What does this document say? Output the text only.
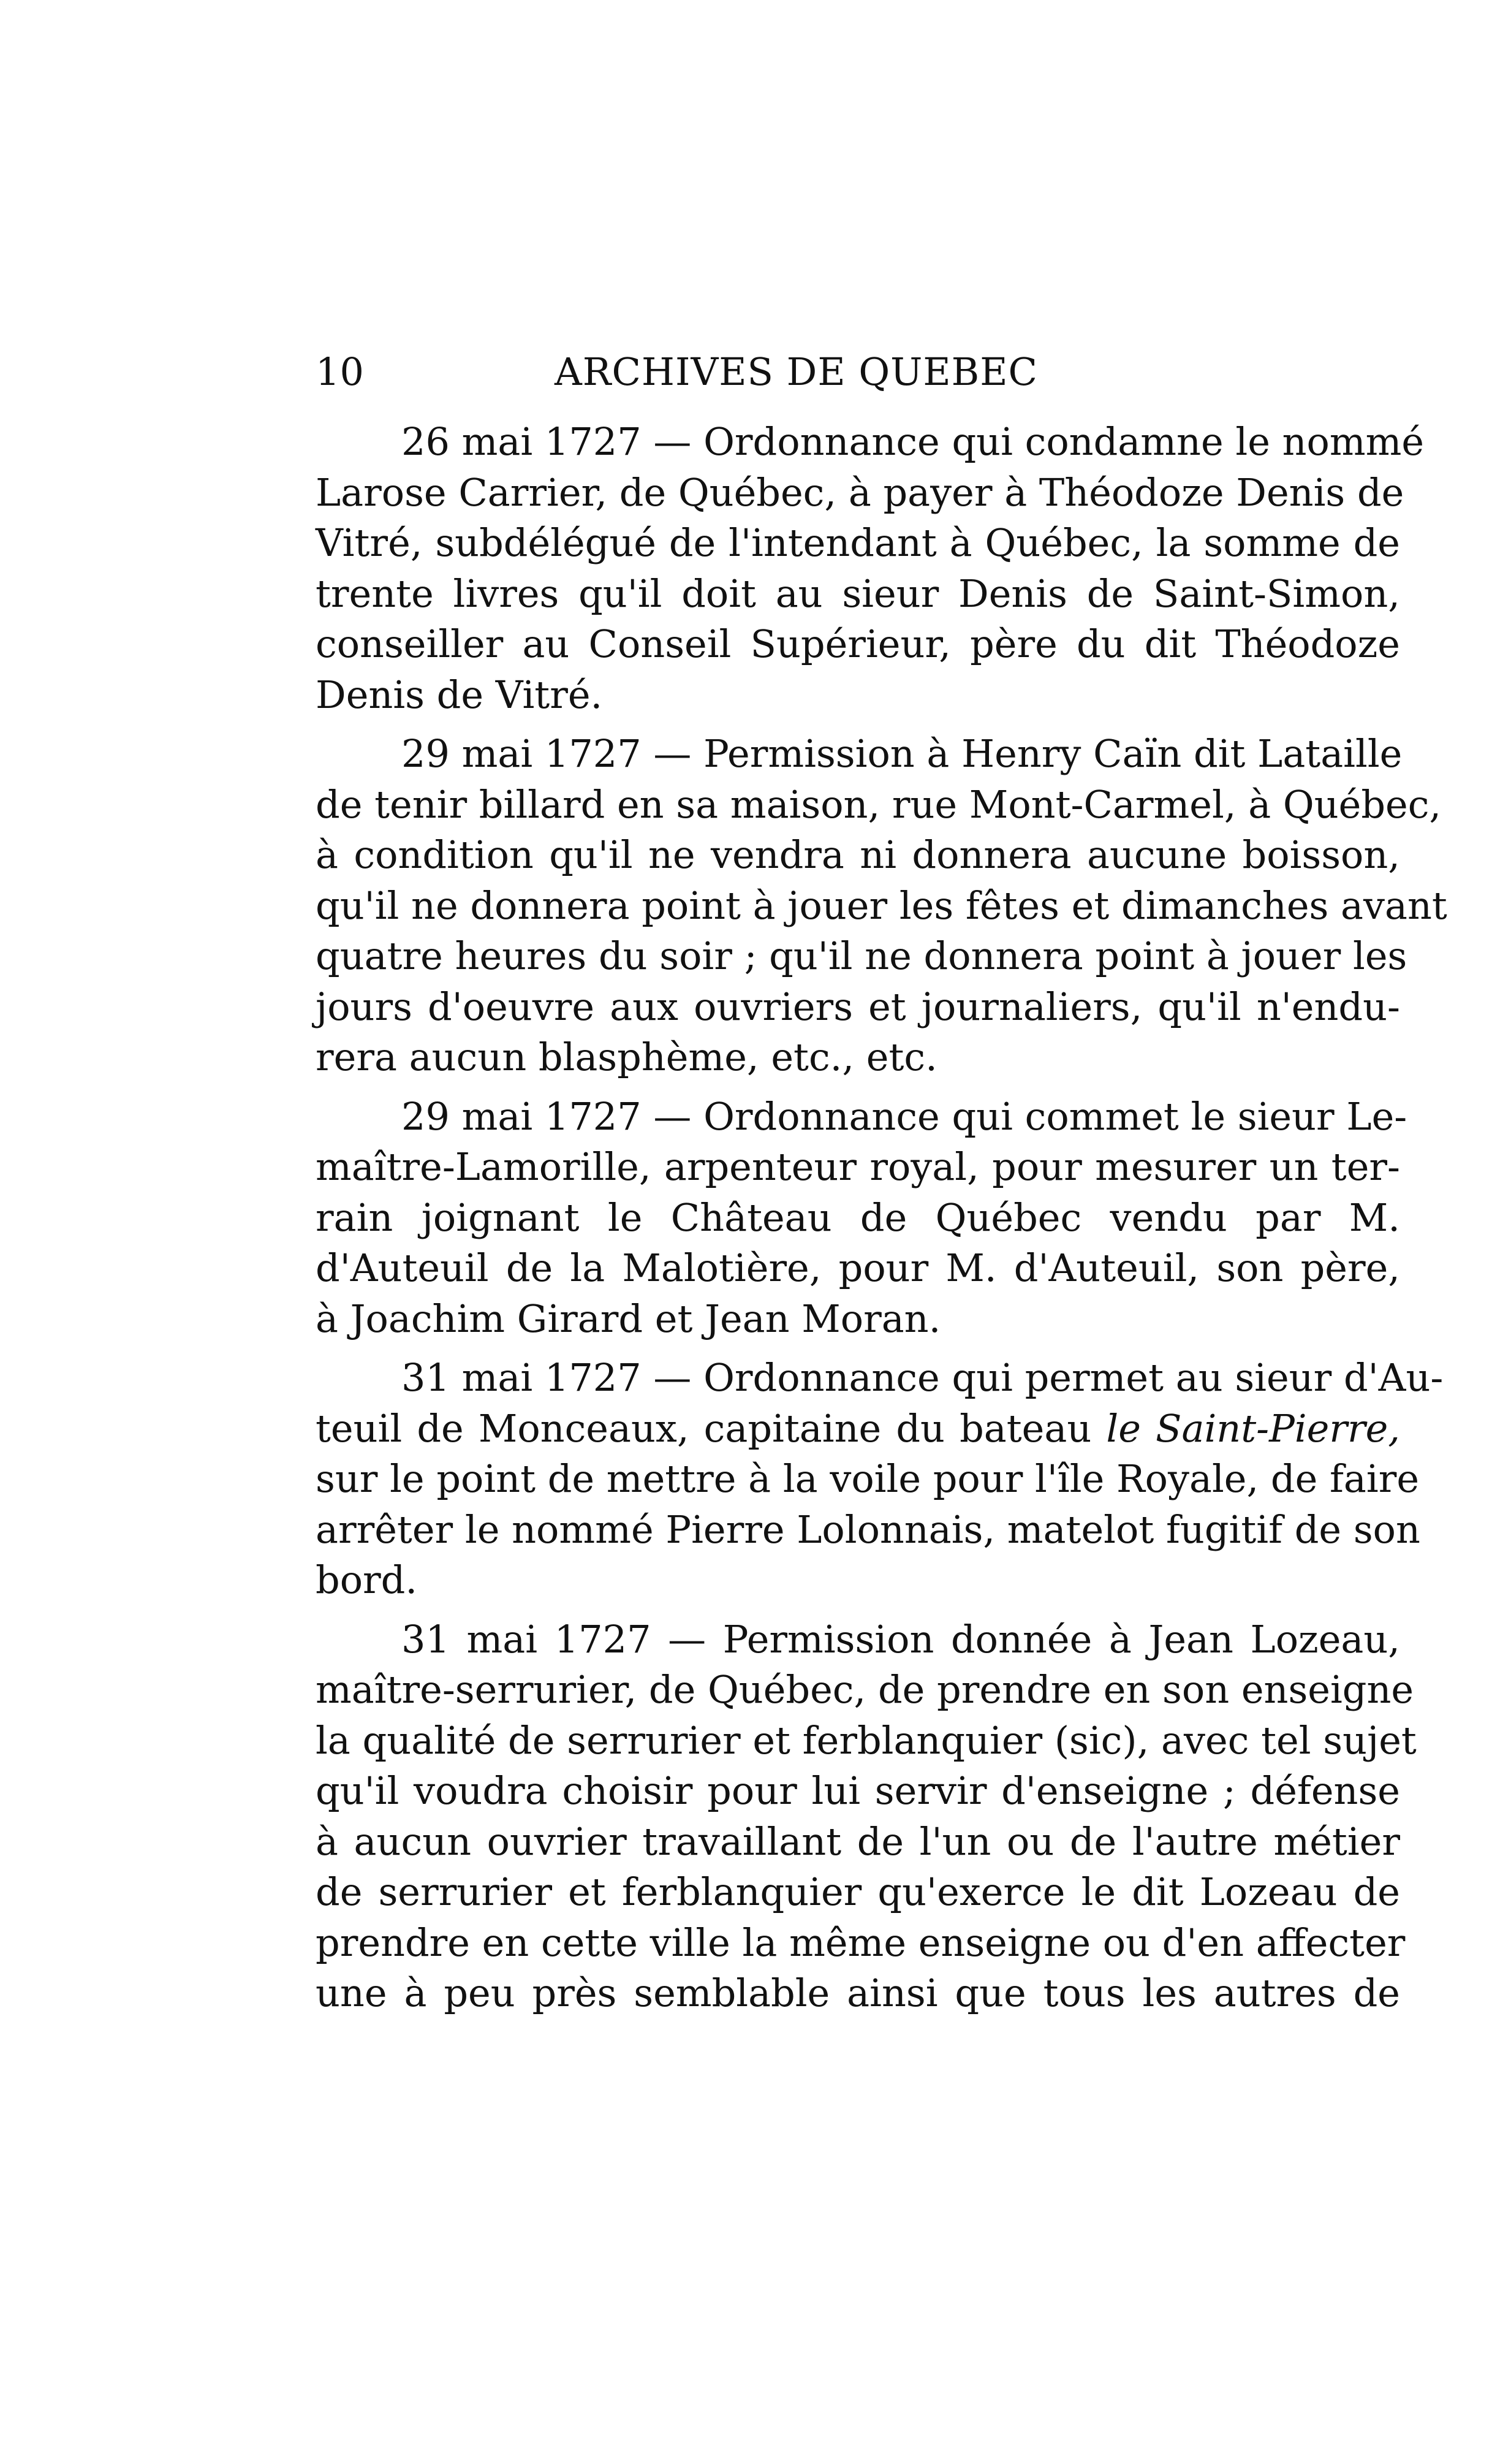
10	ARCHIVES DE QUEBEC
26 mai 1727 — Ordonnance qui condamne le nommé
Larose Carrier, de Québec, à payer à Théodoze Denis de
Vitré, subdélégué de l'intendant à Québec, la somme de
trente livres qu'il doit au sieur Denis de Saint-Simon,
conseiller au Conseil Supérieur, père du dit Théodoze
Denis de Vitré.
29 mai 1727 — Permission à Henry Caïn dit Lataille
de tenir billard en sa maison, rue Mont-Carmel, à Québec,
à condition qu'il ne vendra ni donnera aucune boisson,
qu'il ne donnera point à jouer les fêtes et dimanches avant
quatre heures du soir ; qu'il ne donnera point à jouer les
jours d'oeuvre aux ouvriers et journaliers, qu'il n'endu-
rera aucun blasphème, etc., etc.
29 mai 1727 — Ordonnance qui commet le sieur Le-
maître-Lamorille, arpenteur royal, pour mesurer un ter-
rain joignant le Château de Québec vendu par M.
d'Auteuil de la Malotière, pour M. d'Auteuil, son père,
à Joachim Girard et Jean Moran.
31 mai 1727 — Ordonnance qui permet au sieur d'Au-
teuil de Monceaux, capitaine du bateau le Saint-Pierre,
sur le point de mettre à la voile pour l'île Royale, de faire
arrêter le nommé Pierre Lolonnais, matelot fugitif de son
bord.
31 mai 1727 — Permission donnée à Jean Lozeau,
maître-serrurier, de Québec, de prendre en son enseigne
la qualité de serrurier et ferblanquier (sic), avec tel sujet
qu'il voudra choisir pour lui servir d'enseigne ; défense
à aucun ouvrier travaillant de l'un ou de l'autre métier
de serrurier et ferblanquier qu'exerce le dit Lozeau de
prendre en cette ville la même enseigne ou d'en affecter
une à peu près semblable ainsi que tous les autres de
